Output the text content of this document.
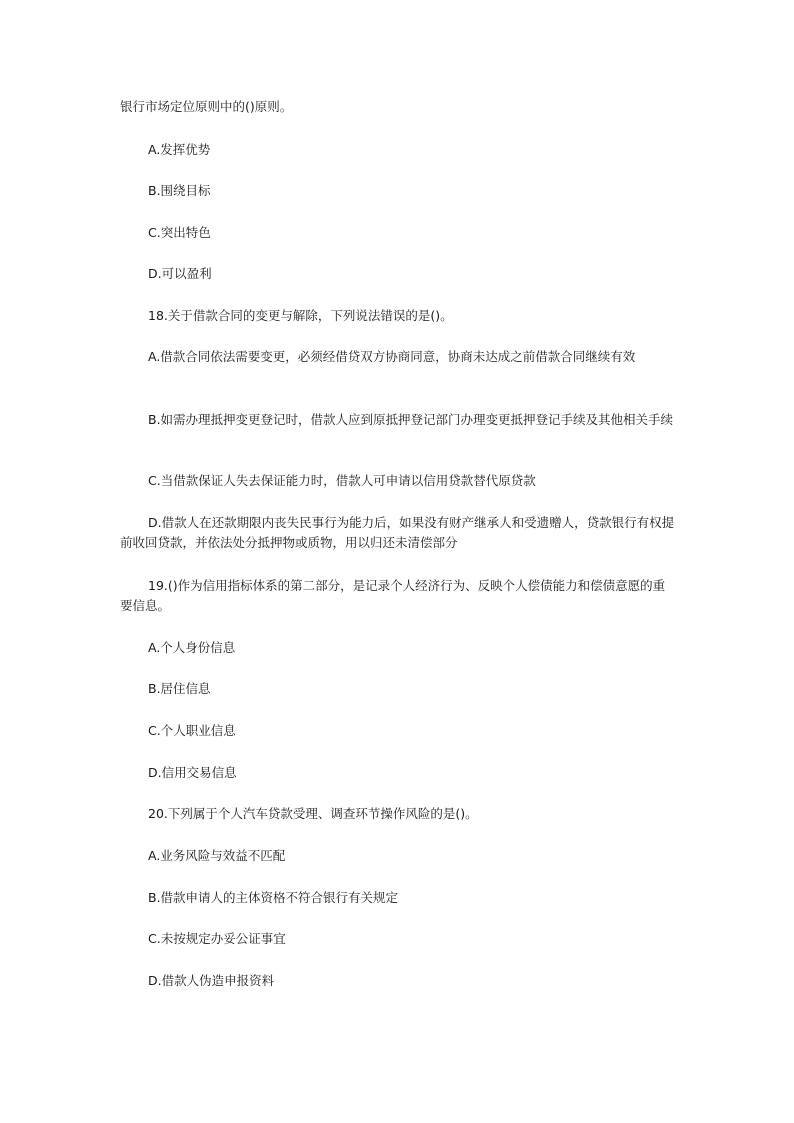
银行市场定位原则中的()原则。
A.发挥优势
B.围绕目标
C.突出特色
D.可以盈利
18.关于借款合同的变更与解除，下列说法错误的是()。
A.借款合同依法需要变更，必须经借贷双方协商同意，协商未达成之前借款合同继续有效
B.如需办理抵押变更登记时，借款人应到原抵押登记部门办理变更抵押登记手续及其他相关手续
C.当借款保证人失去保证能力时，借款人可申请以信用贷款替代原贷款
D.借款人在还款期限内丧失民事行为能力后，如果没有财产继承人和受遗赠人，贷款银行有权提前收回贷款，并依法处分抵押物或质物，用以归还未清偿部分
19.()作为信用指标体系的第二部分，是记录个人经济行为、反映个人偿债能力和偿债意愿的重要信息。
A.个人身份信息
B.居住信息
C.个人职业信息
D.信用交易信息
20.下列属于个人汽车贷款受理、调查环节操作风险的是()。
A.业务风险与效益不匹配
B.借款申请人的主体资格不符合银行有关规定
C.未按规定办妥公证事宜
D.借款人伪造申报资料
